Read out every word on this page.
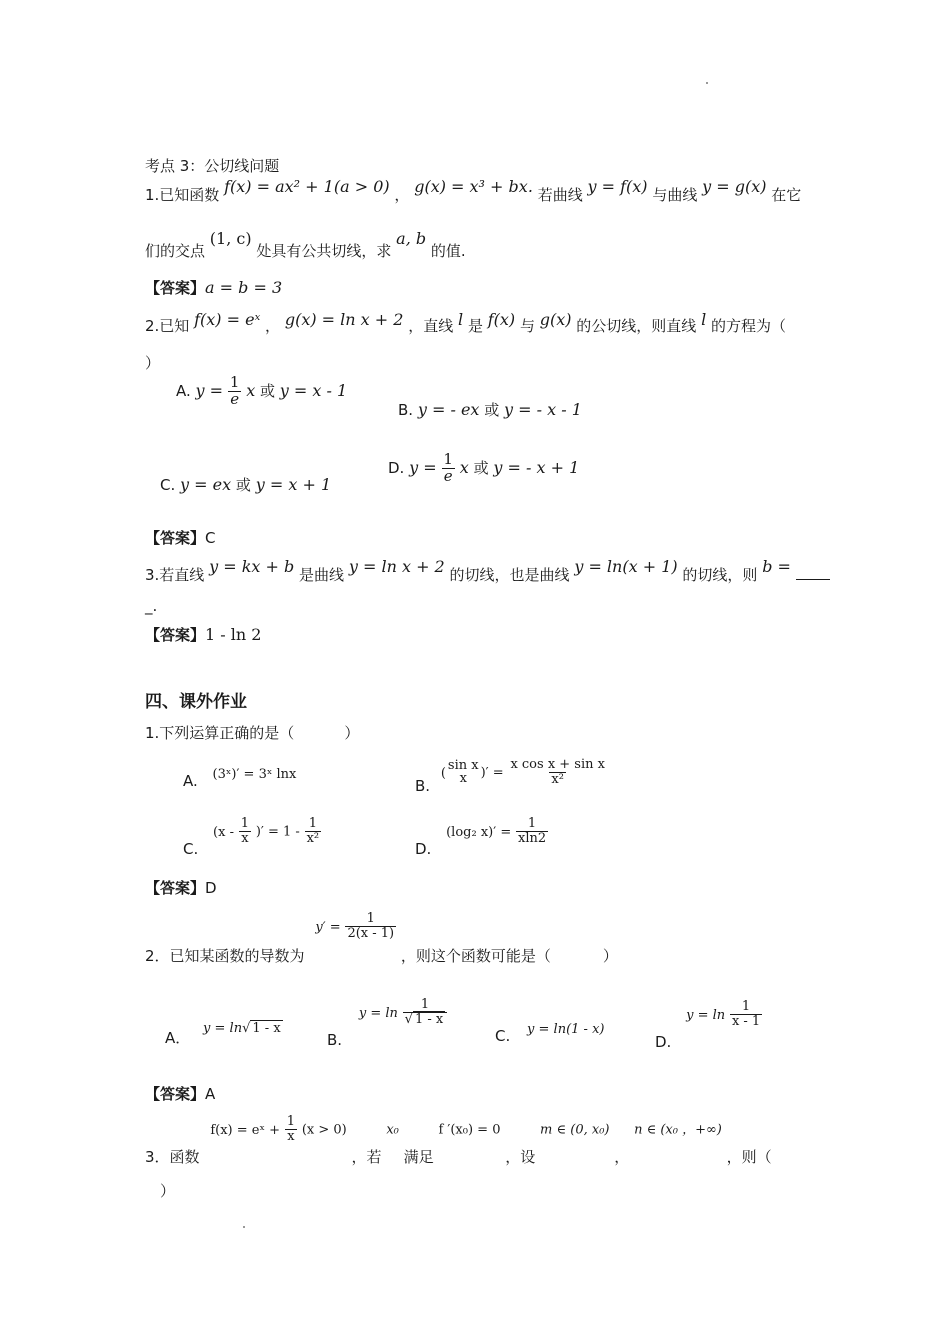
考点 3：公切线问题
1.已知函数 f(x) = ax² + 1(a > 0) ， g(x) = x³ + bx. 若曲线 y = f(x) 与曲线 y = g(x) 在它
们的交点 (1, c) 处具有公共切线，求 a, b 的值.
【答案】a = b = 3
2.已知 f(x) = eˣ ， g(x) = ln x + 2 ，直线 l 是 f(x) 与 g(x) 的公切线，则直线 l 的方程为（
）
A. $y = \frac{1}{e}$ x 或 y = x - 1
B. y = - ex 或 y = - x - 1
C. y = ex 或 y = x + 1
D. $y = \frac{1}{e}$ x 或 y = - x + 1
【答案】C
3.若直线 y = kx + b 是曲线 y = ln x + 2 的切线，也是曲线 y = ln(x + 1) 的切线，则 b =
_.
【答案】1 - ln 2
四、课外作业
1.下列运算正确的是（	）
A. (3ˣ)′ = 3ˣ lnx
B. (
sin x
x )′ = $\frac{\text{x cos x + sin x}}{\text{x²}}$
C. ($x - \frac{1}{x}$ )′ = $1 - \frac{1}{\text{x²}}$
D. (log₂ $x)' = \frac{1}{xln2}$
【答案】D
2．已知某函数的导数为 $y' = \frac{1}{2(x - 1)}$
，则这个函数可能是（	）
A． y = ln√ 1 - x
B. $y = \ln \frac{1}{√ 1 - x}$
C. y = ln(1 - x)
D. $y = \ln \frac{1}{x - 1}$
【答案】A
3．函数 f(x) = eˣ + $\frac{1}{x} (x > 0)$ ，若 x₀ 满足 f ′(x₀) = 0 ，设 m ∈ (0, x₀) ， n ∈ (x₀ ，+∞) ，则（
）
